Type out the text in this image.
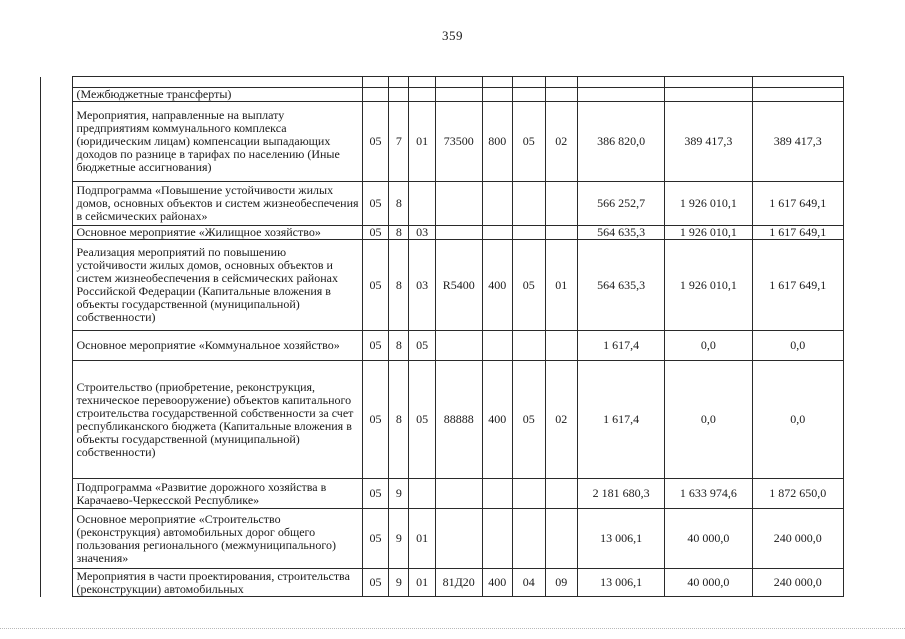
359

	(Межбюджетные трансферты)										
	Мероприятия, направленные на выплату предприятиям коммунального комплекса (юридическим лицам) компенсации выпадающих доходов по разнице в тарифах по населению (Иные бюджетные ассигнования)	05	7	01	73500	800	05	02	386 820,0	389 417,3	389 417,3
	Подпрограмма «Повышение устойчивости жилых домов, основных объектов и систем жизнеобеспечения в сейсмических районах»	05	8						566 252,7	1 926 010,1	1 617 649,1
	Основное мероприятие «Жилищное хозяйство»	05	8	03					564 635,3	1 926 010,1	1 617 649,1
	Реализация мероприятий по повышению устойчивости жилых домов, основных объектов и систем жизнеобеспечения в сейсмических районах Российской Федерации (Капитальные вложения в объекты государственной (муниципальной) собственности)	05	8	03	R5400	400	05	01	564 635,3	1 926 010,1	1 617 649,1
	Основное мероприятие «Коммунальное хозяйство»	05	8	05					1 617,4	0,0	0,0
	Строительство (приобретение, реконструкция, техническое перевооружение) объектов капитального строительства государственной собственности за счет республиканского бюджета (Капитальные вложения в объекты государственной (муниципальной) собственности)	05	8	05	88888	400	05	02	1 617,4	0,0	0,0
	Подпрограмма «Развитие дорожного хозяйства в Карачаево-Черкесской Республике»	05	9						2 181 680,3	1 633 974,6	1 872 650,0
	Основное мероприятие «Строительство (реконструкция) автомобильных дорог общего пользования регионального (межмуниципального) значения»	05	9	01					13 006,1	40 000,0	240 000,0
	Мероприятия в части проектирования, строительства (реконструкции) автомобильных	05	9	01	81Д20	400	04	09	13 006,1	40 000,0	240 000,0
